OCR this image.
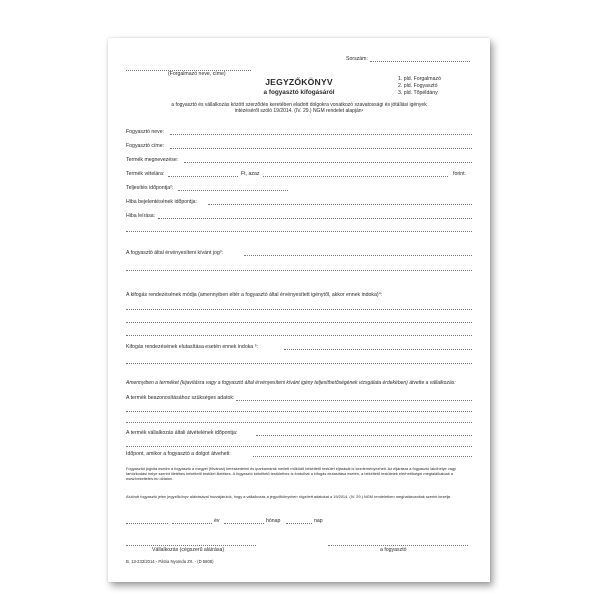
(Forgalmazó neve, címe)
Sorszám:
1. pld. Forgalmazó
2. pld. Fogyasztó
3. pld. Tőpéldány
JEGYZŐKÖNYV
a fogyasztó kifogásáról
a fogyasztó és vállalkozás között szerződés keretében eladott dolgokra vonatkozó szavatossági és jótállási igények intézéséről szóló 19/2014. (IV. 29.) NGM rendelet alapján¹
Fogyasztó neve:
Fogyasztó címe:
Termék megnevezése:
Termék vételára:	Ft, azaz	forint.
Teljesítés időpontja²:
Hiba bejelentésének időpontja:
Hiba leírása:
A fogyasztó által érvényesíteni kívánt jog³:
A kifogás rendezésének módja (amennyiben eltér a fogyasztó által érvényesített igénytől, akkor ennek indoka)⁴:
Kifogás rendezésének elutasítása esetén ennek indoka ⁵:
Amennyiben a terméket (kijavításra vagy a fogyasztó által érvényesíteni kívánt igény teljesíthetőségének vizsgálata érdekében) átvette a vállalkozás:
A termék beazonosításához szükséges adatok:
A termék vállalkozás általi átvételének időpontja:
Időpont, amikor a fogyasztó a dolgot átveheti:
Fogyasztói jogvita esetén a fogyasztó a megyei (fővárosi) kereskedelmi és iparkamarák mellett működő békéltető testület eljárását is kezdeményezheti. Az eljárásra a fogyasztó lakóhelye vagy tartózkodási helye szerint illetékes békéltető testület illetékes. A fogyasztó békéltető testülethez is fordulhat a kifogás elutasítása esetén, a békéltető testületek elérhetőségei megtalálhatóak a www.bekeltetes.hu oldalon.
Alulírott fogyasztó jelen jegyzőkönyv aláírásával hozzájárulok, hogy a vállalkozás a jegyzőkönyvben rögzített adatokat a 19/2014. (IV. 29.) NGM rendeletben meghatározottak szerint kezelje.
év	hónap	nap
Vállalkozás (cégszerű aláírása)	a fogyasztó
B. 13-233/2014 - Pátria Nyomda Zrt. - (D 5808)
